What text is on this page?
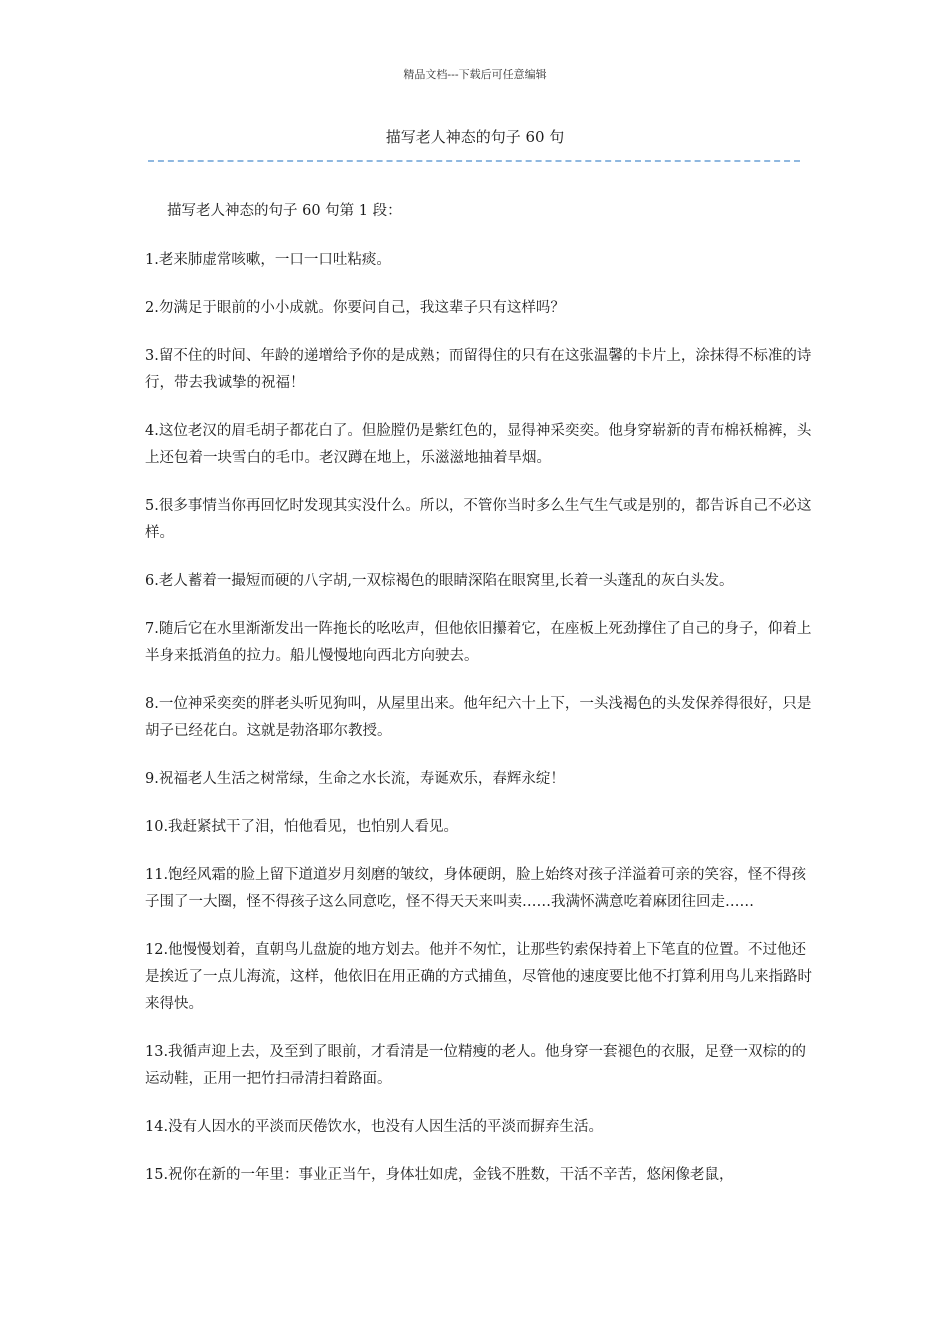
精品文档---下载后可任意编辑
描写老人神态的句子 60 句
描写老人神态的句子 60 句第 1 段：
1.老来肺虚常咳嗽，一口一口吐粘痰。
2.勿满足于眼前的小小成就。你要问自己，我这辈子只有这样吗？
3.留不住的时间、年龄的递增给予你的是成熟；而留得住的只有在这张温馨的卡片上，涂抹得不标准的诗行，带去我诚挚的祝福！
4.这位老汉的眉毛胡子都花白了。但脸膛仍是紫红色的，显得神采奕奕。他身穿崭新的青布棉袄棉裤，头上还包着一块雪白的毛巾。老汉蹲在地上，乐滋滋地抽着旱烟。
5.很多事情当你再回忆时发现其实没什么。所以，不管你当时多么生气生气或是别的，都告诉自己不必这样。
6.老人蓄着一撮短而硬的八字胡,一双棕褐色的眼睛深陷在眼窝里,长着一头蓬乱的灰白头发。
7.随后它在水里渐渐发出一阵拖长的吆吆声，但他依旧攥着它，在座板上死劲撑住了自己的身子，仰着上半身来抵消鱼的拉力。船儿慢慢地向西北方向驶去。
8.一位神采奕奕的胖老头听见狗叫，从屋里出来。他年纪六十上下，一头浅褐色的头发保养得很好，只是胡子已经花白。这就是勃洛耶尔教授。
9.祝福老人生活之树常绿，生命之水长流，寿诞欢乐，春辉永绽！
10.我赶紧拭干了泪，怕他看见，也怕别人看见。
11.饱经风霜的脸上留下道道岁月刻磨的皱纹，身体硬朗，脸上始终对孩子洋溢着可亲的笑容，怪不得孩子围了一大圈，怪不得孩子这么同意吃，怪不得天天来叫卖……我满怀满意吃着麻团往回走……
12.他慢慢划着，直朝鸟儿盘旋的地方划去。他并不匆忙，让那些钓索保持着上下笔直的位置。不过他还是挨近了一点儿海流，这样，他依旧在用正确的方式捕鱼，尽管他的速度要比他不打算利用鸟儿来指路时来得快。
13.我循声迎上去，及至到了眼前，才看清是一位精瘦的老人。他身穿一套褪色的衣服，足登一双棕的的运动鞋，正用一把竹扫帚清扫着路面。
14.没有人因水的平淡而厌倦饮水，也没有人因生活的平淡而摒弃生活。
15.祝你在新的一年里：事业正当午，身体壮如虎，金钱不胜数，干活不辛苦，悠闲像老鼠，
